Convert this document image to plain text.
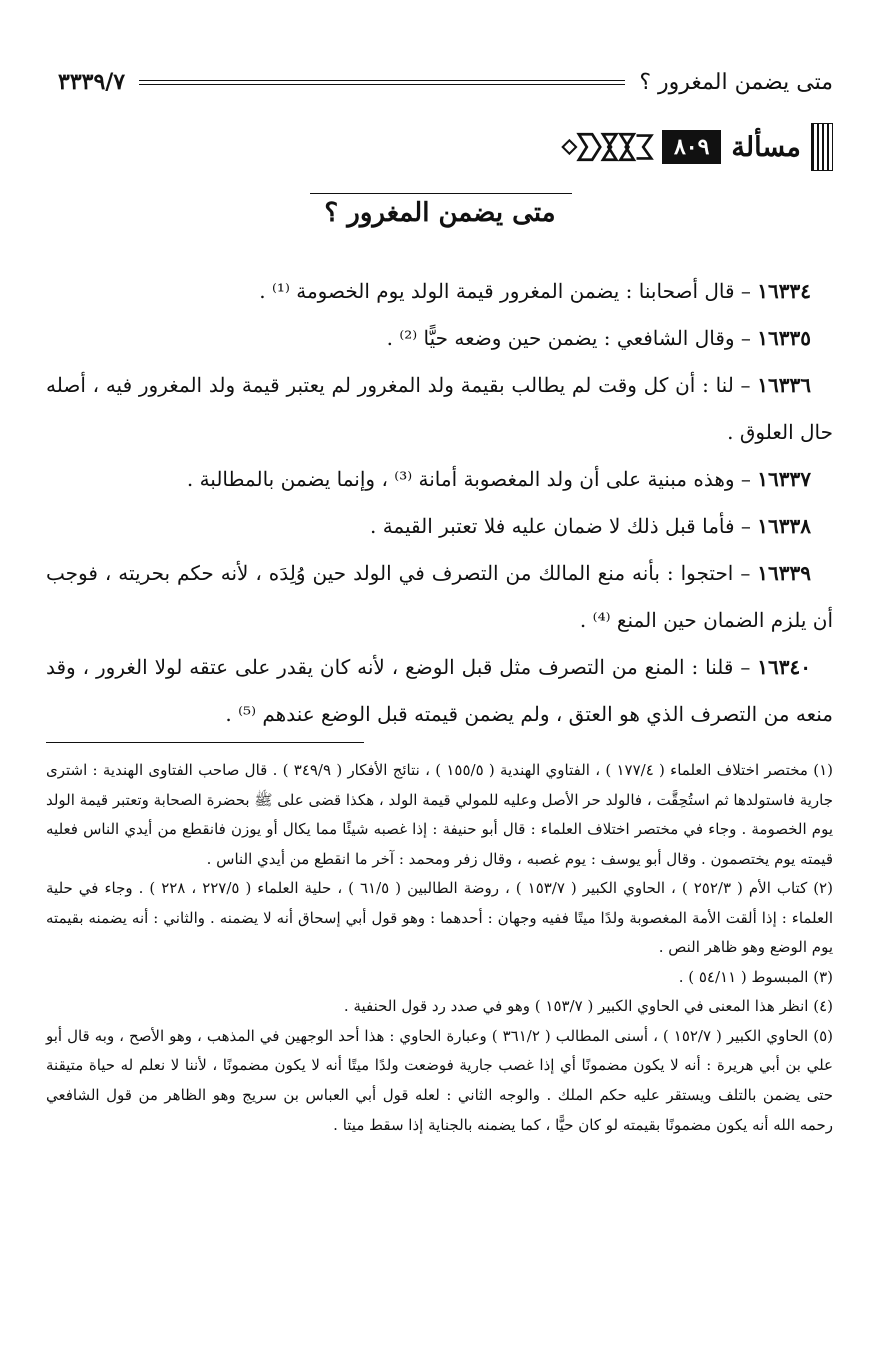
متى يضمن المغرور ؟
٣٣٣٩/٧
مسألة
٨٠٩
متى يضمن المغرور ؟

١٦٣٣٤ – قال أصحابنا : يضمن المغرور قيمة الولد يوم الخصومة ⁽¹⁾ .

١٦٣٣٥ – وقال الشافعي : يضمن حين وضعه حيًّا ⁽²⁾ .

١٦٣٣٦ – لنا : أن كل وقت لم يطالب بقيمة ولد المغرور لم يعتبر قيمة ولد المغرور فيه ، أصله حال العلوق .

١٦٣٣٧ – وهذه مبنية على أن ولد المغصوبة أمانة ⁽³⁾ ، وإنما يضمن بالمطالبة .

١٦٣٣٨ – فأما قبل ذلك لا ضمان عليه فلا تعتبر القيمة .

١٦٣٣٩ – احتجوا : بأنه منع المالك من التصرف في الولد حين وُلِدَه ، لأنه حكم بحريته ، فوجب أن يلزم الضمان حين المنع ⁽⁴⁾ .

١٦٣٤٠ – قلنا : المنع من التصرف مثل قبل الوضع ، لأنه كان يقدر على عتقه لولا الغرور ، وقد منعه من التصرف الذي هو العتق ، ولم يضمن قيمته قبل الوضع عندهم ⁽⁵⁾ .

(١) مختصر اختلاف العلماء ( ١٧٧/٤ ) ، الفتاوي الهندية ( ١٥٥/٥ ) ، نتائج الأفكار ( ٣٤٩/٩ ) . قال صاحب الفتاوى الهندية : اشترى جارية فاستولدها ثم استُحِقَّت ، فالولد حر الأصل وعليه للمولي قيمة الولد ، هكذا قضى على ﷺ بحضرة الصحابة وتعتبر قيمة الولد يوم الخصومة . وجاء في مختصر اختلاف العلماء : قال أبو حنيفة : إذا غصبه شيئًا مما يكال أو يوزن فانقطع من أيدي الناس فعليه قيمته يوم يختصمون . وقال أبو يوسف : يوم غصبه ، وقال زفر ومحمد : آخر ما انقطع من أيدي الناس .

(٢) كتاب الأم ( ٢٥٢/٣ ) ، الحاوي الكبير ( ١٥٣/٧ ) ، روضة الطالبين ( ٦١/٥ ) ، حلية العلماء ( ٢٢٧/٥ ، ٢٢٨ ) . وجاء في حلية العلماء : إذا ألقت الأمة المغصوبة ولدًا ميتًا ففيه وجهان : أحدهما : وهو قول أبي إسحاق أنه لا يضمنه . والثاني : أنه يضمنه بقيمته يوم الوضع وهو ظاهر النص .

(٣) المبسوط ( ٥٤/١١ ) .

(٤) انظر هذا المعنى في الحاوي الكبير ( ١٥٣/٧ ) وهو في صدد رد قول الحنفية .

(٥) الحاوي الكبير ( ١٥٢/٧ ) ، أسنى المطالب ( ٣٦١/٢ ) وعبارة الحاوي : هذا أحد الوجهين في المذهب ، وهو الأصح ، وبه قال أبو علي بن أبي هريرة : أنه لا يكون مضمونًا أي إذا غصب جارية فوضعت ولدًا ميتًا أنه لا يكون مضمونًا ، لأننا لا نعلم له حياة متيقنة حتى يضمن بالتلف ويستقر عليه حكم الملك . والوجه الثاني : لعله قول أبي العباس بن سريج وهو الظاهر من قول الشافعي رحمه الله أنه يكون مضمونًا بقيمته لو كان حيًّا ، كما يضمنه بالجناية إذا سقط ميتا .
